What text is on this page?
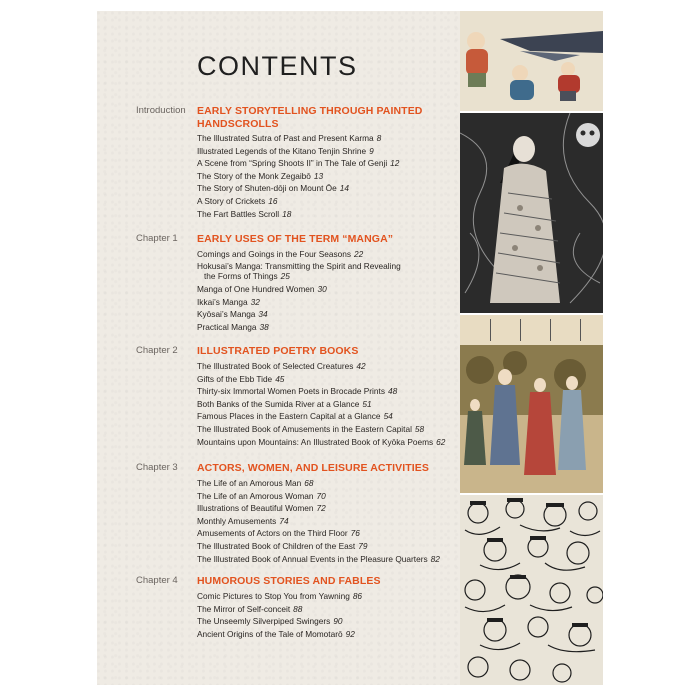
CONTENTS
Introduction EARLY STORYTELLING THROUGH PAINTED HANDSCROLLS
The Illustrated Sutra of Past and Present Karma 8
Illustrated Legends of the Kitano Tenjin Shrine 9
A Scene from “Spring Shoots II” in The Tale of Genji 12
The Story of the Monk Zegaibō 13
The Story of Shuten-dōji on Mount Ōe 14
A Story of Crickets 16
The Fart Battles Scroll 18
Chapter 1 EARLY USES OF THE TERM “MANGA”
Comings and Goings in the Four Seasons 22
Hokusai’s Manga: Transmitting the Spirit and Revealing
the Forms of Things 25
Manga of One Hundred Women 30
Ikkai’s Manga 32
Kyōsai’s Manga 34
Practical Manga 38
Chapter 2 ILLUSTRATED POETRY BOOKS
The Illustrated Book of Selected Creatures 42
Gifts of the Ebb Tide 45
Thirty-six Immortal Women Poets in Brocade Prints 48
Both Banks of the Sumida River at a Glance 51
Famous Places in the Eastern Capital at a Glance 54
The Illustrated Book of Amusements in the Eastern Capital 58
Mountains upon Mountains: An Illustrated Book of Kyōka Poems 62
Chapter 3 ACTORS, WOMEN, AND LEISURE ACTIVITIES
The Life of an Amorous Man 68
The Life of an Amorous Woman 70
Illustrations of Beautiful Women 72
Monthly Amusements 74
Amusements of Actors on the Third Floor 76
The Illustrated Book of Children of the East 79
The Illustrated Book of Annual Events in the Pleasure Quarters 82
Chapter 4 HUMOROUS STORIES AND FABLES
Comic Pictures to Stop You from Yawning 86
The Mirror of Self-conceit 88
The Unseemly Silverpiped Swingers 90
Ancient Origins of the Tale of Momotarō 92
